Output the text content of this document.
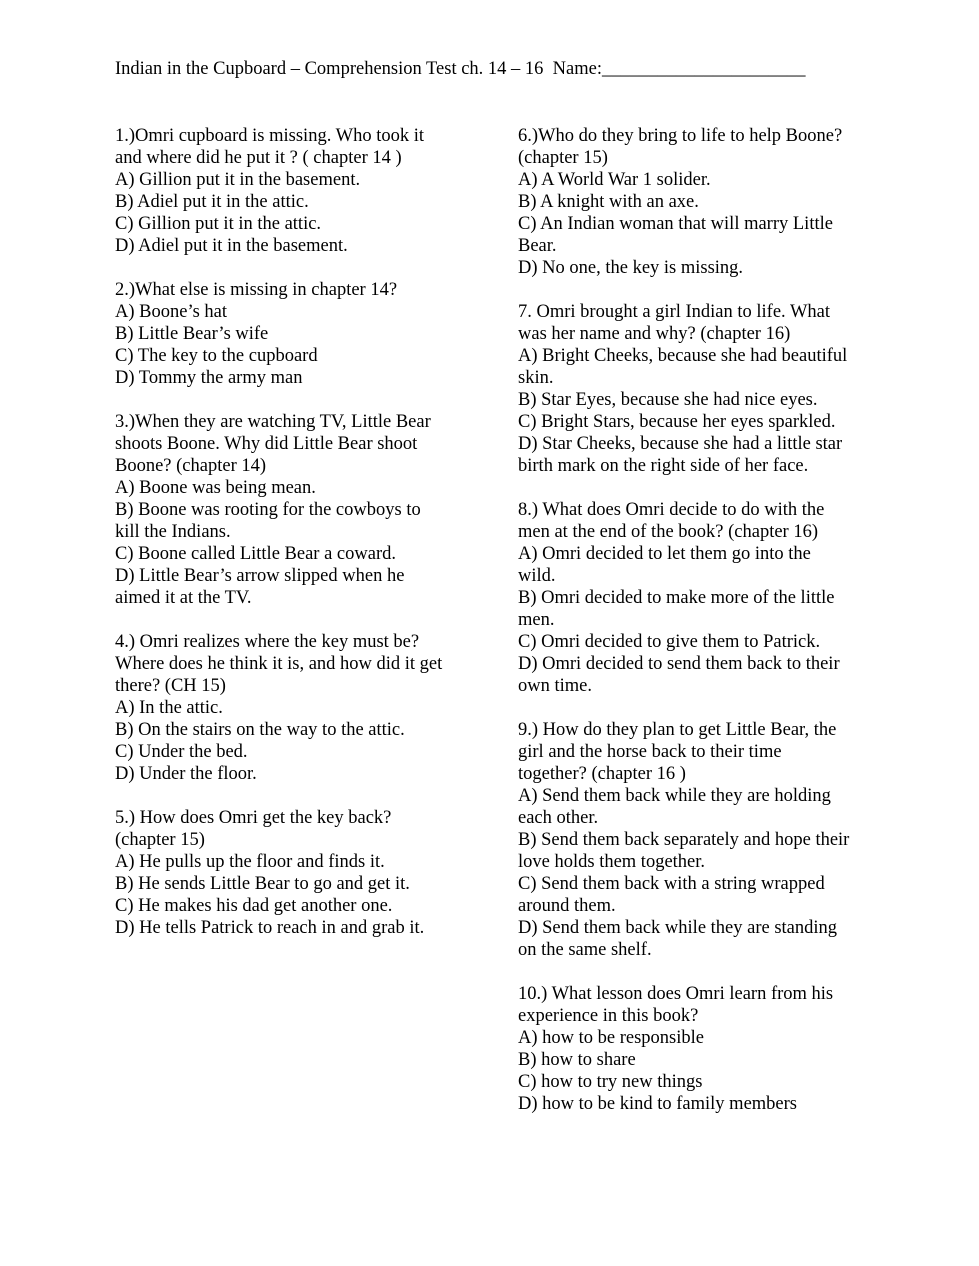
Indian in the Cupboard – Comprehension Test ch. 14 – 16  Name:______________________
1.)Omri cupboard is missing. Who took it
and where did he put it ? ( chapter 14 )
A) Gillion put it in the basement.
B) Adiel put it in the attic.
C) Gillion put it in the attic.
D) Adiel put it in the basement.
2.)What else is missing in chapter 14?
A) Boone’s hat
B) Little Bear’s wife
C) The key to the cupboard
D) Tommy the army man
3.)When they are watching TV, Little Bear
shoots Boone. Why did Little Bear shoot
Boone? (chapter 14)
A) Boone was being mean.
B) Boone was rooting for the cowboys to
kill the Indians.
C) Boone called Little Bear a coward.
D) Little Bear’s arrow slipped when he
aimed it at the TV.
4.) Omri realizes where the key must be?
Where does he think it is, and how did it get
there? (CH 15)
A) In the attic.
B) On the stairs on the way to the attic.
C) Under the bed.
D) Under the floor.
5.) How does Omri get the key back?
(chapter 15)
A) He pulls up the floor and finds it.
B) He sends Little Bear to go and get it.
C) He makes his dad get another one.
D) He tells Patrick to reach in and grab it.
6.)Who do they bring to life to help Boone?
(chapter 15)
A) A World War 1 solider.
B) A knight with an axe.
C) An Indian woman that will marry Little
Bear.
D) No one, the key is missing.
7. Omri brought a girl Indian to life. What
was her name and why? (chapter 16)
A) Bright Cheeks, because she had beautiful
skin.
B) Star Eyes, because she had nice eyes.
C) Bright Stars, because her eyes sparkled.
D) Star Cheeks, because she had a little star
birth mark on the right side of her face.
8.) What does Omri decide to do with the
men at the end of the book? (chapter 16)
A) Omri decided to let them go into the
wild.
B) Omri decided to make more of the little
men.
C) Omri decided to give them to Patrick.
D) Omri decided to send them back to their
own time.
9.) How do they plan to get Little Bear, the
girl and the horse back to their time
together? (chapter 16 )
A) Send them back while they are holding
each other.
B) Send them back separately and hope their
love holds them together.
C) Send them back with a string wrapped
around them.
D) Send them back while they are standing
on the same shelf.
10.) What lesson does Omri learn from his
experience in this book?
A) how to be responsible
B) how to share
C) how to try new things
D) how to be kind to family members
